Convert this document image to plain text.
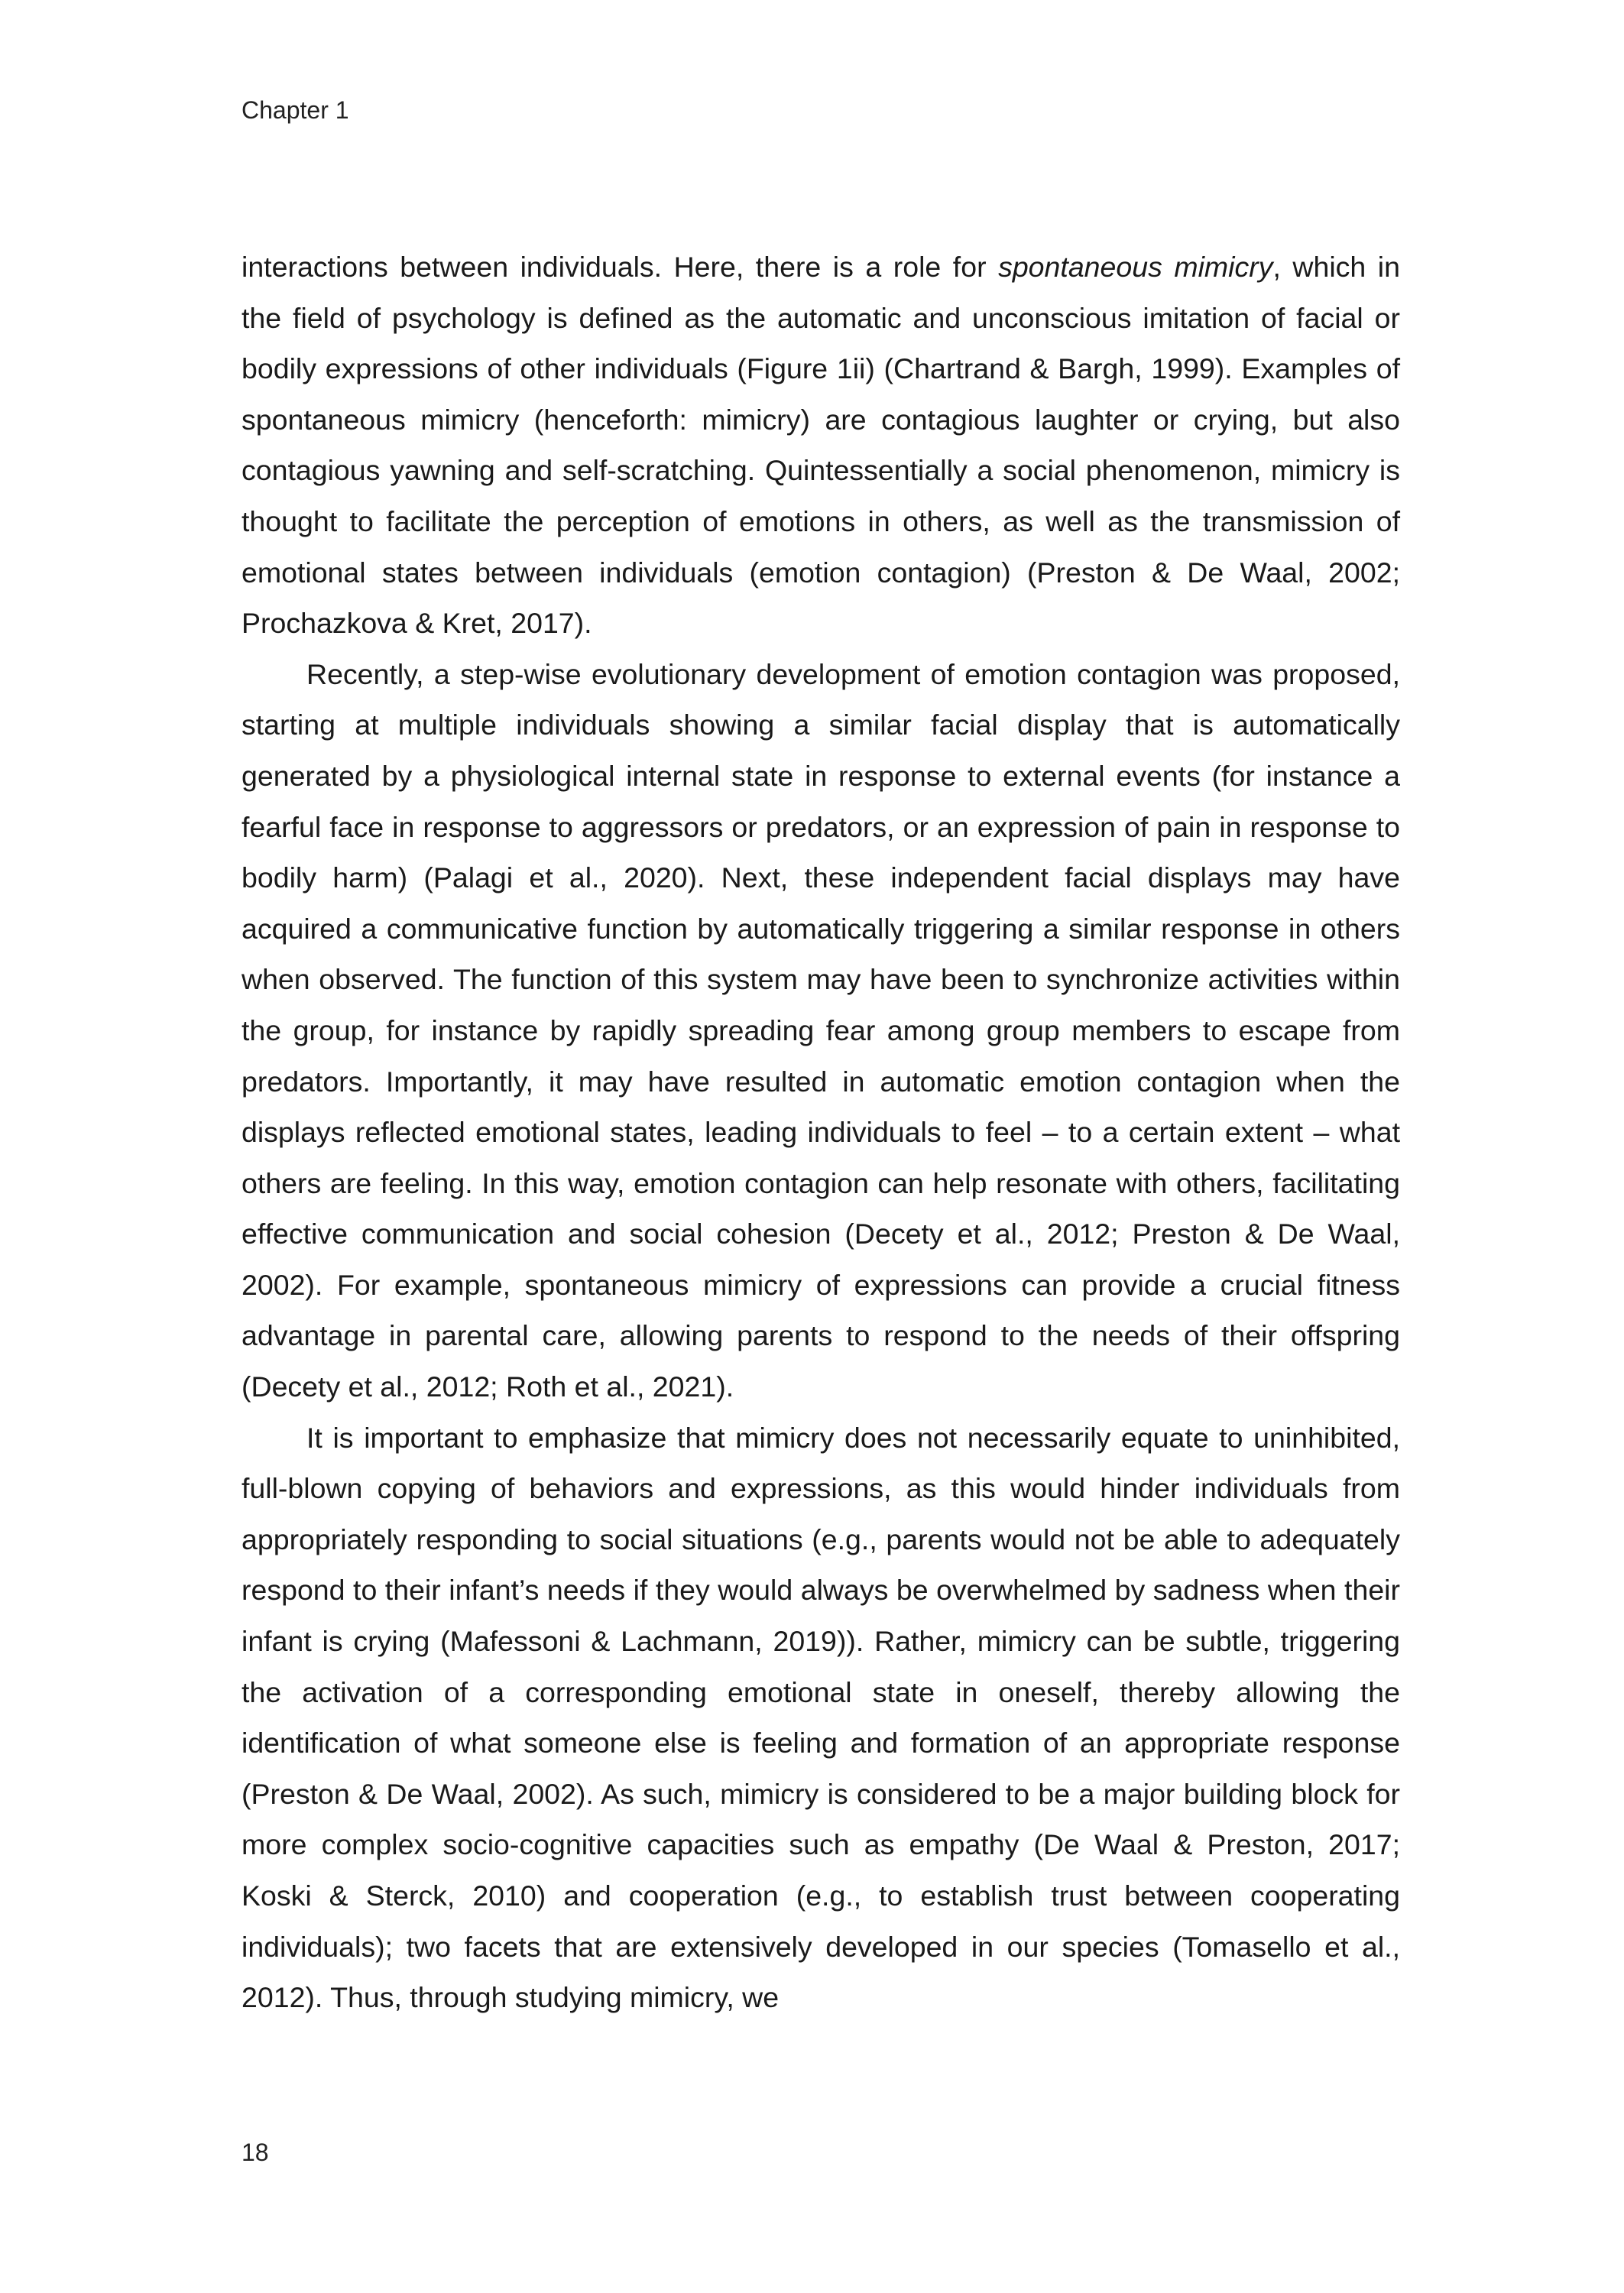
Chapter 1

interactions between individuals. Here, there is a role for spontaneous mimicry, which in the field of psychology is defined as the automatic and unconscious imitation of facial or bodily expressions of other individuals (Figure 1ii) (Chartrand & Bargh, 1999). Examples of spontaneous mimicry (henceforth: mimicry) are contagious laughter or crying, but also contagious yawning and self-scratching. Quintessentially a social phenomenon, mimicry is thought to facilitate the perception of emotions in others, as well as the transmission of emotional states between individuals (emotion contagion) (Preston & De Waal, 2002; Prochazkova & Kret, 2017).

Recently, a step-wise evolutionary development of emotion contagion was proposed, starting at multiple individuals showing a similar facial display that is automatically generated by a physiological internal state in response to external events (for instance a fearful face in response to aggressors or predators, or an expression of pain in response to bodily harm) (Palagi et al., 2020). Next, these independent facial displays may have acquired a communicative function by automatically triggering a similar response in others when observed. The function of this system may have been to synchronize activities within the group, for instance by rapidly spreading fear among group members to escape from predators. Importantly, it may have resulted in automatic emotion contagion when the displays reflected emotional states, leading individuals to feel – to a certain extent – what others are feeling. In this way, emotion contagion can help resonate with others, facilitating effective communication and social cohesion (Decety et al., 2012; Preston & De Waal, 2002). For example, spontaneous mimicry of expressions can provide a crucial fitness advantage in parental care, allowing parents to respond to the needs of their offspring (Decety et al., 2012; Roth et al., 2021).

It is important to emphasize that mimicry does not necessarily equate to uninhibited, full-blown copying of behaviors and expressions, as this would hinder individuals from appropriately responding to social situations (e.g., parents would not be able to adequately respond to their infant’s needs if they would always be overwhelmed by sadness when their infant is crying (Mafessoni & Lachmann, 2019)). Rather, mimicry can be subtle, triggering the activation of a corresponding emotional state in oneself, thereby allowing the identification of what someone else is feeling and formation of an appropriate response (Preston & De Waal, 2002). As such, mimicry is considered to be a major building block for more complex socio-cognitive capacities such as empathy (De Waal & Preston, 2017; Koski & Sterck, 2010) and cooperation (e.g., to establish trust between cooperating individuals); two facets that are extensively developed in our species (Tomasello et al., 2012). Thus, through studying mimicry, we

18
